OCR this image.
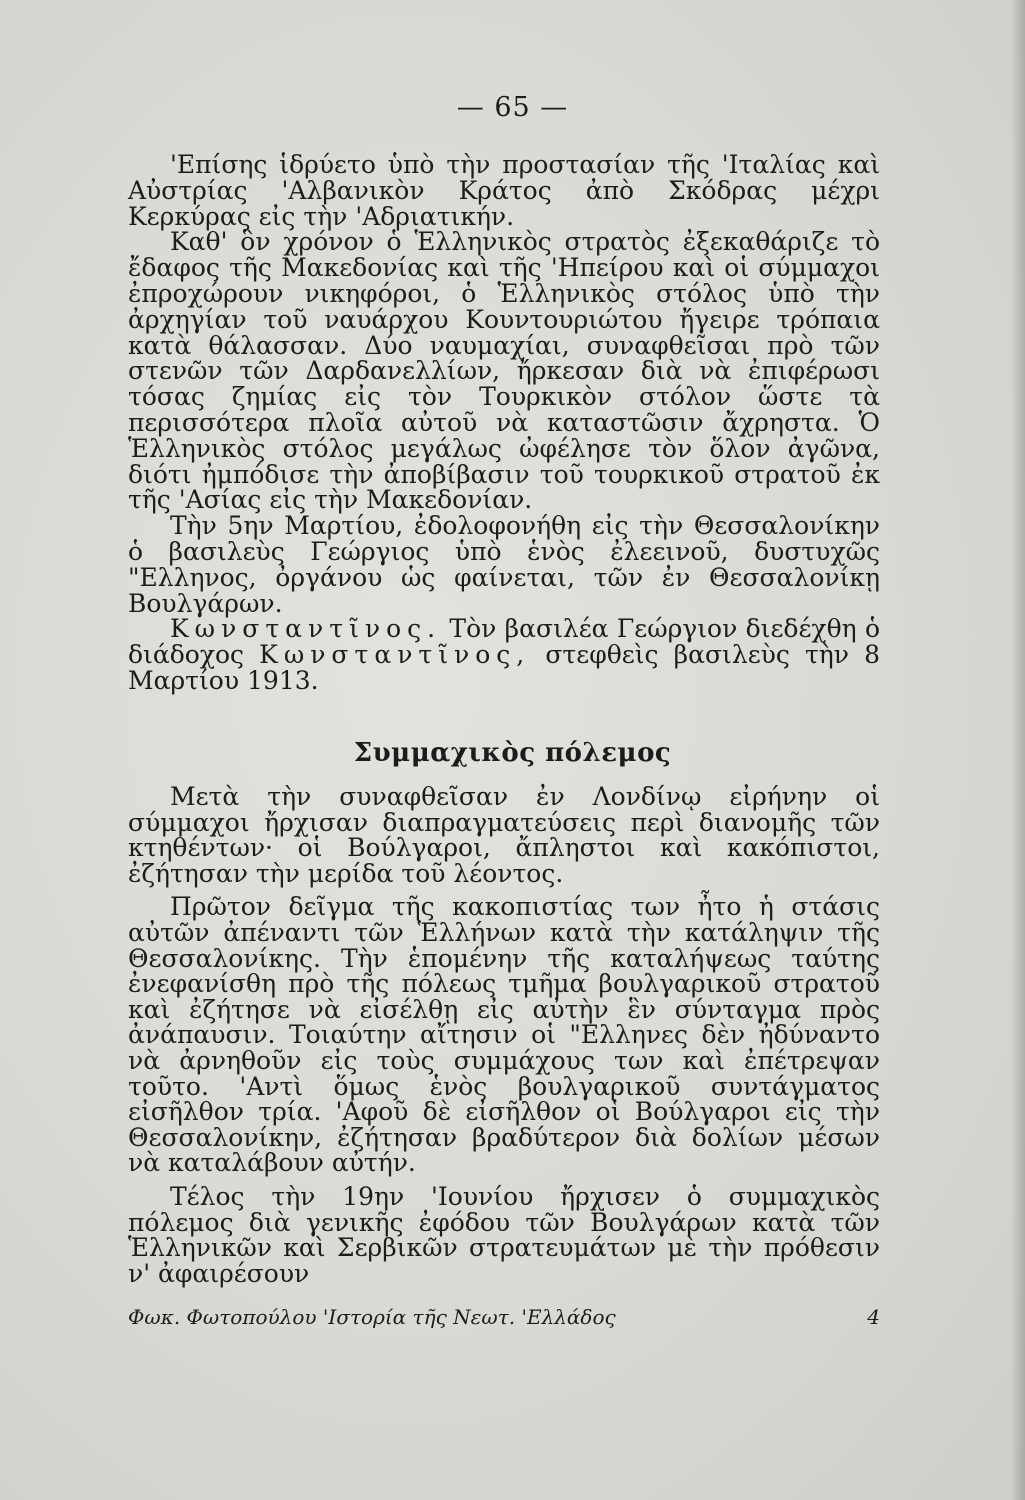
— 65 —

'Επίσης ἱδρύετο ὑπὸ τὴν προστασίαν τῆς 'Ιταλίας καὶ Αὐστρίας 'Αλβανικὸν Κράτος ἀπὸ Σκόδρας μέχρι Κερκύρας εἰς τὴν 'Αδριατικήν.

Καθ' ὃν χρόνον ὁ Ἑλληνικὸς στρατὸς ἐξεκαθάριζε τὸ ἔδαφος τῆς Μακεδονίας καὶ τῆς 'Ηπείρου καὶ οἱ σύμμαχοι ἐπροχώρουν νικηφόροι, ὁ Ἑλληνικὸς στόλος ὑπὸ τὴν ἀρχηγίαν τοῦ ναυάρχου Κουντουριώτου ἤγειρε τρόπαια κατὰ θάλασσαν. Δύο ναυμαχίαι, συναφθεῖσαι πρὸ τῶν στενῶν τῶν Δαρδανελλίων, ἤρκεσαν διὰ νὰ ἐπιφέρωσι τόσας ζημίας εἰς τὸν Τουρκικὸν στόλον ὥστε τὰ περισσότερα πλοῖα αὐτοῦ νὰ καταστῶσιν ἄχρηστα. Ὁ Ἑλληνικὸς στόλος μεγάλως ὠφέλησε τὸν ὅλον ἀγῶνα, διότι ἠμπόδισε τὴν ἀποβίβασιν τοῦ τουρκικοῦ στρατοῦ ἐκ τῆς 'Ασίας εἰς τὴν Μακεδονίαν.

Τὴν 5ην Μαρτίου, ἐδολοφονήθη εἰς τὴν Θεσσαλονίκην ὁ βασιλεὺς Γεώργιος ὑπὸ ἑνὸς ἐλεεινοῦ, δυστυχῶς "Ελληνος, ὀργάνου ὡς φαίνεται, τῶν ἐν Θεσσαλονίκῃ Βουλγάρων.

Κωνσταντῖνος. Τὸν βασιλέα Γεώργιον διεδέχθη ὁ διάδοχος Κωνσταντῖνος, στεφθεὶς βασιλεὺς τὴν 8 Μαρτίου 1913.

Συμμαχικὸς πόλεμος

Μετὰ τὴν συναφθεῖσαν ἐν Λονδίνῳ εἰρήνην οἱ σύμμαχοι ἤρχισαν διαπραγματεύσεις περὶ διανομῆς τῶν κτηθέντων· οἱ Βούλγαροι, ἄπληστοι καὶ κακόπιστοι, ἐζήτησαν τὴν μερίδα τοῦ λέοντος.

Πρῶτον δεῖγμα τῆς κακοπιστίας των ἦτο ἡ στάσις αὐτῶν ἀπέναντι τῶν Ἑλλήνων κατὰ τὴν κατάληψιν τῆς Θεσσαλονίκης. Τὴν ἑπομένην τῆς καταλήψεως ταύτης ἐνεφανίσθη πρὸ τῆς πόλεως τμῆμα βουλγαρικοῦ στρατοῦ καὶ ἐζήτησε νὰ εἰσέλθῃ εἰς αὐτὴν ἓν σύνταγμα πρὸς ἀνάπαυσιν. Τοιαύτην αἴτησιν οἱ "Ελληνες δὲν ἠδύναντο νὰ ἀρνηθοῦν εἰς τοὺς συμμάχους των καὶ ἐπέτρεψαν τοῦτο. 'Αντὶ ὅμως ἑνὸς βουλγαρικοῦ συντάγματος εἰσῆλθον τρία. 'Αφοῦ δὲ εἰσῆλθον οἱ Βούλγαροι εἰς τὴν Θεσσαλονίκην, ἐζήτησαν βραδύτερον διὰ δολίων μέσων νὰ καταλάβουν αὐτήν.

Τέλος τὴν 19ην 'Ιουνίου ἤρχισεν ὁ συμμαχικὸς πόλεμος διὰ γενικῆς ἐφόδου τῶν Βουλγάρων κατὰ τῶν Ἑλληνικῶν καὶ Σερβικῶν στρατευμάτων μὲ τὴν πρόθεσιν ν' ἀφαιρέσουν

Φωκ. Φωτοπούλου 'Ιστορία τῆς Νεωτ. 'Ελλάδος	4
